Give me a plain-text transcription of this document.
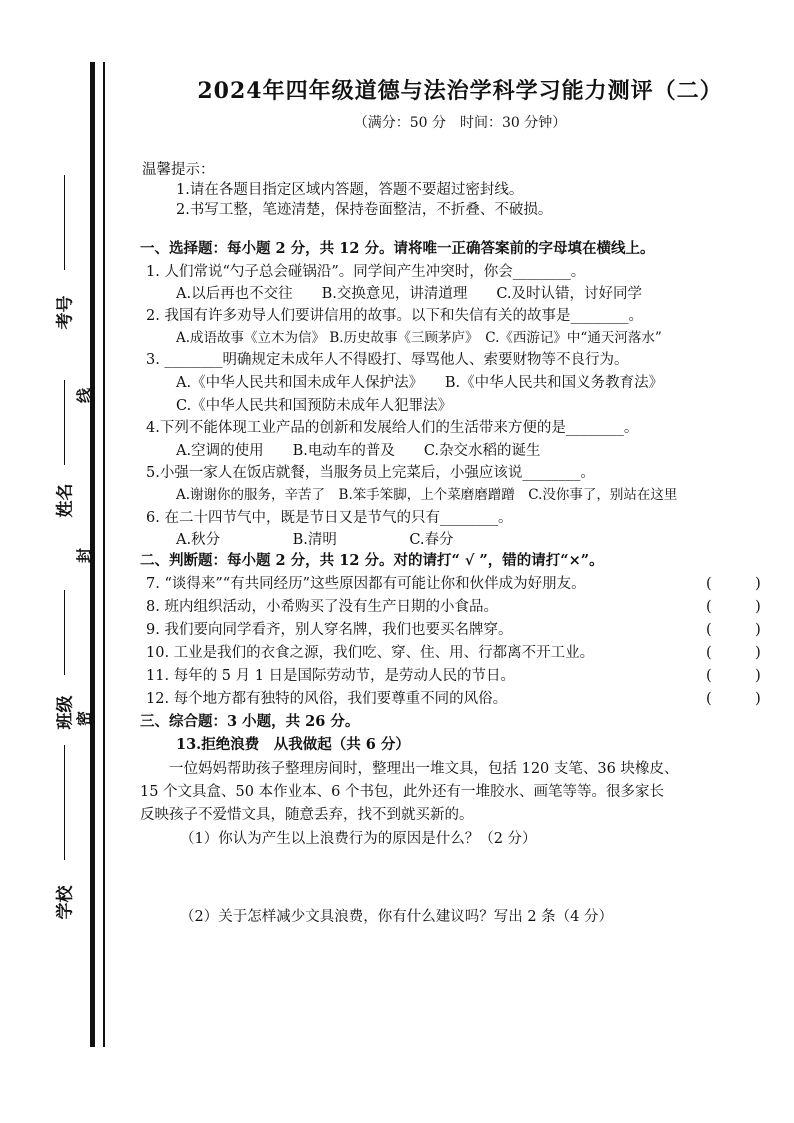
考号
姓名
班级
学校
线
封
密
2024年四年级道德与法治学科学习能力测评（二）
（满分：50 分　时间：30 分钟）
温馨提示：
1.请在各题目指定区域内答题，答题不要超过密封线。
2.书写工整，笔迹清楚，保持卷面整洁，不折叠、不破损。
一、选择题：每小题 2 分，共 12 分。请将唯一正确答案前的字母填在横线上。
1. 人们常说“勺子总会碰锅沿”。同学间产生冲突时，你会________。
A.以后再也不交往　　B.交换意见，讲清道理　　C.及时认错，讨好同学
2. 我国有许多劝导人们要讲信用的故事。以下和失信有关的故事是________。
A.成语故事《立木为信》 B.历史故事《三顾茅庐》　C.《西游记》中“通天河落水”
3. ________明确规定未成年人不得殴打、辱骂他人、索要财物等不良行为。
A.《中华人民共和国未成年人保护法》　　B.《中华人民共和国义务教育法》
C.《中华人民共和国预防未成年人犯罪法》
4.下列不能体现工业产品的创新和发展给人们的生活带来方便的是________。
A.空调的使用　　B.电动车的普及　　C.杂交水稻的诞生
5.小强一家人在饭店就餐，当服务员上完菜后，小强应该说________。
A.谢谢你的服务，辛苦了　B.笨手笨脚，上个菜磨磨蹭蹭　C.没你事了，别站在这里
6. 在二十四节气中，既是节日又是节气的只有________。
A.秋分　　　　　B.清明　　　　　C.春分
二、判断题：每小题 2 分，共 12 分。对的请打“ √ ”，错的请打“×”。
7. “谈得来”“有共同经历”这些原因都有可能让你和伙伴成为好朋友。	(　　　)
8. 班内组织活动，小希购买了没有生产日期的小食品。	(　　　)
9. 我们要向同学看齐，别人穿名牌，我们也要买名牌穿。	(　　　)
10. 工业是我们的衣食之源，我们吃、穿、住、用、行都离不开工业。	(　　　)
11. 每年的 5 月 1 日是国际劳动节，是劳动人民的节日。	(　　　)
12. 每个地方都有独特的风俗，我们要尊重不同的风俗。	(　　　)
三、综合题：3 小题，共 26 分。
13.拒绝浪费　从我做起（共 6 分）
　　一位妈妈帮助孩子整理房间时，整理出一堆文具，包括 120 支笔、36 块橡皮、
15 个文具盒、50 本作业本、6 个书包，此外还有一堆胶水、画笔等等。很多家长
反映孩子不爱惜文具，随意丢弃，找不到就买新的。
（1）你认为产生以上浪费行为的原因是什么？（2 分）
（2）关于怎样减少文具浪费，你有什么建议吗？写出 2 条（4 分）
